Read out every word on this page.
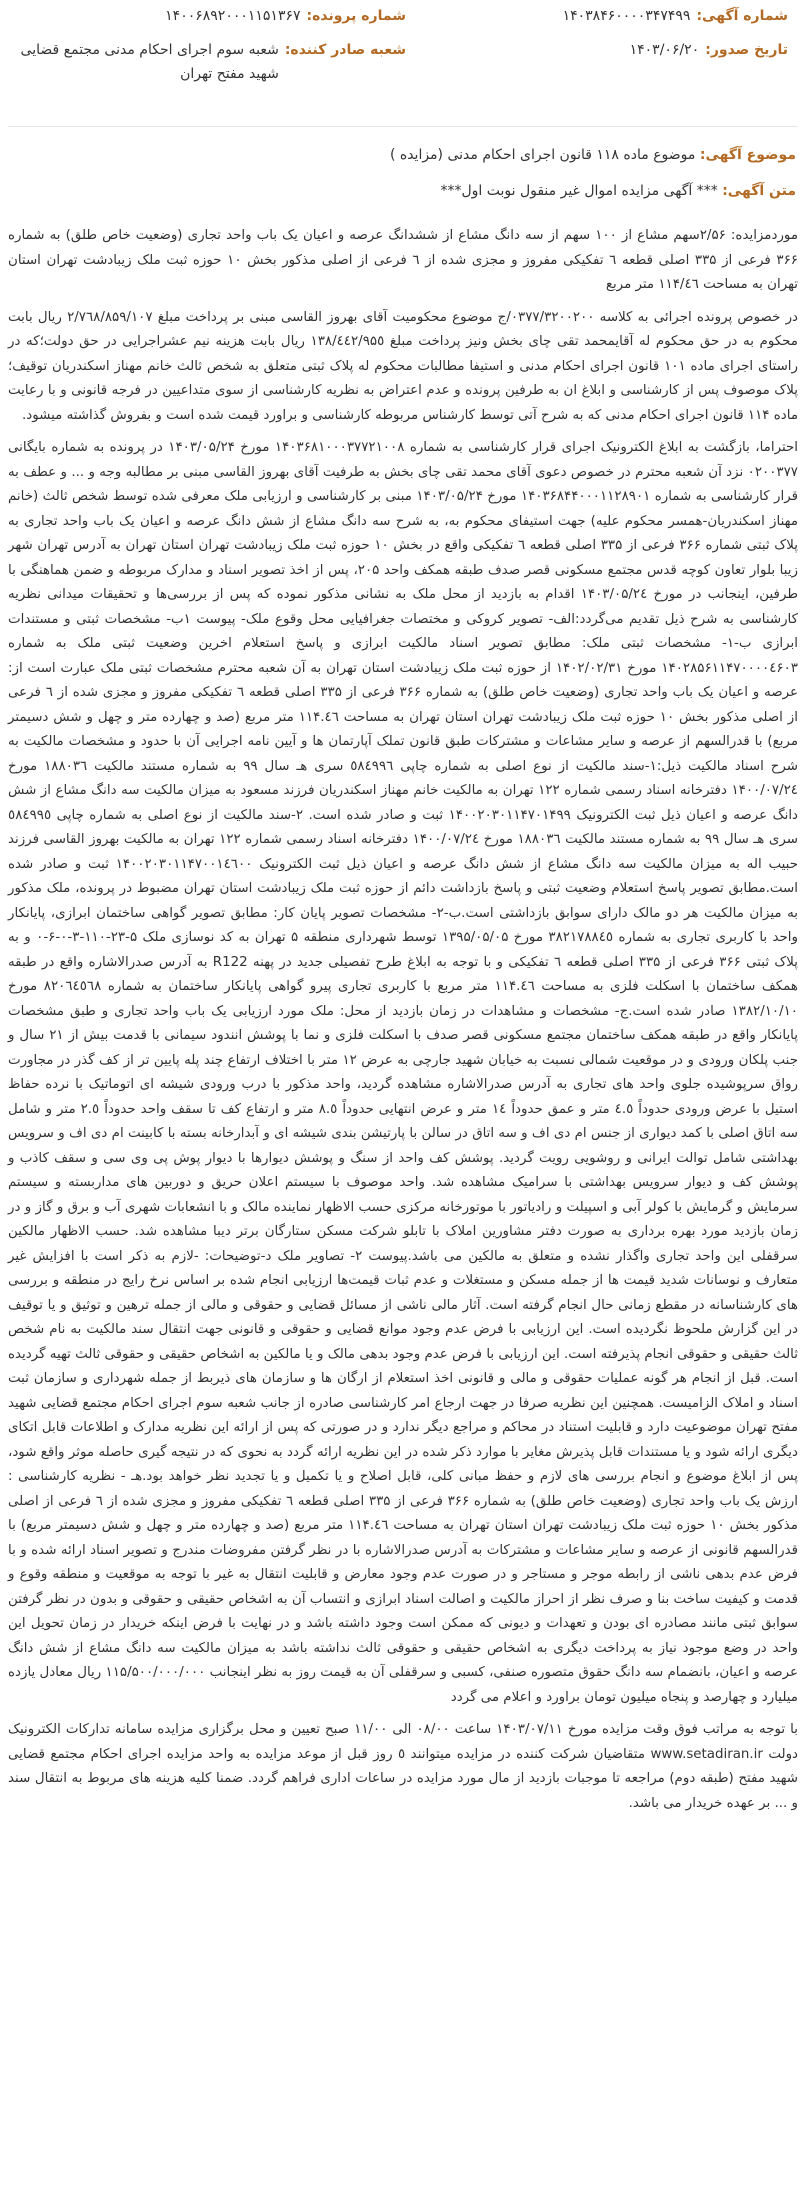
شماره آگهی:
۱۴۰۳۸۴۶۰۰۰۰۳۴۷۴۹۹
شماره پرونده:
۱۴۰۰۶۸۹۲۰۰۰۱۱۵۱۳۶۷
تاریخ صدور:
۱۴۰۳/۰۶/۲۰
شعبه صادر کننده:
شعبه سوم اجرای احکام مدنی مجتمع قضایی شهید مفتح تهران
موضوع آگهی: موضوع ماده ۱۱۸ قانون اجرای احکام مدنی (مزایده )
متن آگهی: *** آگهی مزایده اموال غیر منقول نوبت اول***

موردمزایده: ۲/۵۶سهم مشاع از ۱۰۰ سهم از سه دانگ مشاع از ششدانگ عرصه و اعیان یک باب واحد تجاری (وضعیت خاص طلق) به شماره ۳۶۶ فرعی از ۳۳۵ اصلی قطعه ٦ تفکیکی مفروز و مجزی شده از ٦ فرعی از اصلی مذکور بخش ۱۰ حوزه ثبت ملک زیبادشت تهران استان تهران به مساحت ۱۱۴/٤٦ متر مربع

در خصوص پرونده اجرائی به کلاسه ۰۳۷۷/۳۲۰۰۲۰۰/ج موضوع محکومیت آقای بهروز القاسی مبنی بر پرداخت مبلغ ۲/۷٦۸/۸۵۹/۱۰۷ ریال بابت محکوم به در حق محکوم له آقایمحمد تقی چای بخش ونیز پرداخت مبلغ ۱۳۸/٤٤۲/۹۵٥ ریال بابت هزینه نیم عشراجرایی در حق دولت؛که در راستای اجرای ماده ۱۰۱ قانون اجرای احکام مدنی و استیفا مطالبات محکوم له پلاک ثبتی متعلق به شخص ثالث خانم مهناز اسکندریان توقیف؛ پلاک موصوف پس از کارشناسی و ابلاغ ان به طرفین پرونده و عدم اعتراض به نظریه کارشناسی از سوی متداعیین در فرجه قانونی و با رعایت ماده ۱۱۴ قانون اجرای احکام مدنی که به شرح آتی توسط کارشناس مربوطه کارشناسی و براورد قیمت شده است و بفروش گذاشته میشود.

احتراما، بازگشت به ابلاغ الکترونیک اجرای قرار کارشناسی به شماره ۱۴۰۳۶۸۱۰۰۰۳۷۷۲۱۰۰۸ مورخ ۱۴۰۳/۰۵/۲۴ در پرونده به شماره بایگانی ۰۲۰۰۳۷۷ نزد آن شعبه محترم در خصوص دعوی آقای محمد تقی چای بخش به طرفیت آقای بهروز القاسی مبنی بر مطالبه وجه و ... و عطف به قرار کارشناسی به شماره ۱۴۰۳۶۸۴۴۰۰۰۱۱۲۸۹۰۱ مورخ ۱۴۰۳/۰۵/۲۴ مبنی بر کارشناسی و ارزیابی ملک معرفی شده توسط شخص ثالث (خانم مهناز اسکندریان-همسر محکوم علیه) جهت استیفای محکوم به، به شرح سه دانگ مشاع از شش دانگ عرصه و اعیان یک باب واحد تجاری به پلاک ثبتی شماره ۳۶۶ فرعی از ۳۳۵ اصلی قطعه ٦ تفکیکی واقع در بخش ۱۰ حوزه ثبت ملک زیبادشت تهران استان تهران به آدرس تهران شهر زیبا بلوار تعاون کوچه قدس مجتمع مسکونی قصر صدف طبقه همکف واحد ۲۰۵، پس از اخذ تصویر اسناد و مدارک مربوطه و ضمن هماهنگی با طرفین، اینجانب در مورخ ۱۴۰۳/۰۵/٢٤ اقدام به بازدید از محل ملک به نشانی مذکور نموده که پس از بررسی‌ها و تحقیقات میدانی نظریه کارشناسی به شرح ذیل تقدیم می‌گردد:الف- تصویر کروکی و مختصات جغرافیایی محل وقوع ملک- پیوست ۱ب- مشخصات ثبتی و مستندات ابرازی ب-۱- مشخصات ثبتی ملک: مطابق تصویر اسناد مالکیت ابرازی و پاسخ استعلام اخرین وضعیت ثبتی ملک به شماره ۱۴۰۲۸۵۶۱۱۴۷۰۰۰۰٤۶۰۳ مورخ ۱۴۰۲/۰۲/۳۱ از حوزه ثبت ملک زیبادشت استان تهران به آن شعبه محترم مشخصات ثبتی ملک عبارت است از: عرصه و اعیان یک باب واحد تجاری (وضعیت خاص طلق) به شماره ۳۶۶ فرعی از ۳۳۵ اصلی قطعه ٦ تفکیکی مفروز و مجزی شده از ٦ فرعی از اصلی مذکور بخش ۱۰ حوزه ثبت ملک زیبادشت تهران استان تهران به مساحت ۱۱۴.٤٦ متر مربع (صد و چهارده متر و چهل و شش دسیمتر مربع) با قدرالسهم از عرصه و سایر مشاعات و مشترکات طبق قانون تملک آپارتمان ها و آیین نامه اجرایی آن با حدود و مشخصات مالکیت به شرح اسناد مالکیت ذیل:۱-سند مالکیت از نوع اصلی به شماره چاپی ٥٨٤٩٩٦ سری هـ سال ۹۹ به شماره مستند مالکیت ۱۸۸۰۳٦ مورخ ۱۴۰۰/۰۷/٢٤ دفترخانه اسناد رسمی شماره ۱۲۲ تهران به مالکیت خانم مهناز اسکندریان فرزند مسعود به میزان مالکیت سه دانگ مشاع از شش دانگ عرصه و اعیان ذیل ثبت الکترونیک ۱۴۰۰۲۰۳۰۱۱۴۷۰۱۴۹۹ ثبت و صادر شده است. ۲-سند مالکیت از نوع اصلی به شماره چاپی ٥٨٤٩٩٥ سری هـ سال ۹۹ به شماره مستند مالکیت ۱۸۸۰۳٦ مورخ ۱۴۰۰/۰۷/٢٤ دفترخانه اسناد رسمی شماره ۱۲۲ تهران به مالکیت بهروز القاسی فرزند حبیب اله به میزان مالکیت سه دانگ مشاع از شش دانگ عرصه و اعیان ذیل ثبت الکترونیک ۱۴۰۰۲۰۳۰۱۱۴۷۰۰۱٤٦۰۰ ثبت و صادر شده است.مطابق تصویر پاسخ استعلام وضعیت ثبتی و پاسخ بازداشت دائم از حوزه ثبت ملک زیبادشت استان تهران مضبوط در پرونده، ملک مذکور به میزان مالکیت هر دو مالک دارای سوابق بازداشتی است.ب-۲- مشخصات تصویر پایان کار: مطابق تصویر گواهی ساختمان ابرازی، پایانکار واحد با کاربری تجاری به شماره ۳۸۲۱۷۸۸٤٥ مورخ ۱۳۹۵/۰۵/۰۵ توسط شهرداری منطقه ۵ تهران به کد نوسازی ملک ۵-۲۳-۱۱۰-۳-۰-۶-۰ و به پلاک ثبتی ۳۶۶ فرعی از ۳۳۵ اصلی قطعه ٦ تفکیکی و با توجه به ابلاغ طرح تفصیلی جدید در پهنه R122 به آدرس صدرالاشاره واقع در طبقه همکف ساختمان با اسکلت فلزی به مساحت ۱۱۴.٤٦ متر مربع با کاربری تجاری پیرو گواهی پایانکار ساختمان به شماره ۸۲۰٦٤٥٦٨ مورخ ۱۳۸۲/۱۰/۱۰ صادر شده است.ج- مشخصات و مشاهدات در زمان بازدید از محل: ملک مورد ارزیابی یک باب واحد تجاری و طبق مشخصات پایانکار واقع در طبقه همکف ساختمان مجتمع مسکونی قصر صدف با اسکلت فلزی و نما با پوشش انندود سیمانی با قدمت بیش از ٢١ سال و جنب پلکان ورودی و در موقعیت شمالی نسبت به خیابان شهید جارچی به عرض ١٢ متر با اختلاف ارتفاع چند پله پایین تر از کف گذر در مجاورت رواق سرپوشیده جلوی واحد های تجاری به آدرس صدرالاشاره مشاهده گردید، واحد مذکور با درب ورودی شیشه ای اتوماتیک با نرده حفاظ استیل با عرض ورودی حدوداً ٤.٥ متر و عمق حدوداً ١٤ متر و عرض انتهایی حدوداً ٨.٥ متر و ارتفاع کف تا سقف واحد حدوداً ٢.٥ متر و شامل سه اتاق اصلی با کمد دیواری از جنس ام دی اف و سه اتاق در سالن با پارتیشن بندی شیشه ای و آبدارخانه بسته با کابینت ام دی اف و سرویس بهداشتی شامل توالت ایرانی و روشویی رویت گردید. پوشش کف واحد از سنگ و پوشش دیوارها با دیوار پوش پی وی سی و سقف کاذب و پوشش کف و دیوار سرویس بهداشتی با سرامیک مشاهده شد. واحد موصوف با سیستم اعلان حریق و دوربین های مداربسته و سیستم سرمایش و گرمایش با کولر آبی و اسپیلت و رادیاتور با موتورخانه مرکزی حسب الاظهار نماینده مالک و با انشعابات شهری آب و برق و گاز و در زمان بازدید مورد بهره برداری به صورت دفتر مشاورین املاک با تابلو شرکت مسکن ستارگان برتر دیبا مشاهده شد. حسب الاظهار مالکین سرقفلی این واحد تجاری واگذار نشده و متعلق به مالکین می باشد.پیوست ۲- تصاویر ملک د-توضیحات: -لازم به ذکر است با افزایش غیر متعارف و نوسانات شدید قیمت ها از جمله مسکن و مستغلات و عدم ثبات قیمت‌ها ارزیابی انجام شده بر اساس نرخ رایج در منطقه و بررسی های کارشناسانه در مقطع زمانی حال انجام گرفته است. آثار مالی ناشی از مسائل قضایی و حقوقی و مالی از جمله ترهین و توثیق و یا توقیف در این گزارش ملحوظ نگردیده است. این ارزیابی با فرض عدم وجود موانع قضایی و حقوقی و قانونی جهت انتقال سند مالکیت به نام شخص ثالث حقیقی و حقوقی انجام پذیرفته است. این ارزیابی با فرض عدم وجود بدهی مالک و یا مالکین به اشخاص حقیقی و حقوقی ثالث تهیه گردیده است. قبل از انجام هر گونه عملیات حقوقی و مالی و قانونی اخذ استعلام از ارگان ها و سازمان های ذیربط از جمله شهرداری و سازمان ثبت اسناد و املاک الزامیست. همچنین این نظریه صرفا در جهت ارجاع امر کارشناسی صادره از جانب شعبه سوم اجرای احکام مجتمع قضایی شهید مفتح تهران موضوعیت دارد و قابلیت استناد در محاکم و مراجع دیگر ندارد و در صورتی که پس از ارائه این نظریه مدارک و اطلاعات قابل اتکای دیگری ارائه شود و یا مستندات قابل پذیرش مغایر با موارد ذکر شده در این نظریه ارائه گردد به نحوی که در نتیجه گیری حاصله موثر واقع شود، پس از ابلاغ موضوع و انجام بررسی های لازم و حفظ مبانی کلی، قابل اصلاح و یا تکمیل و یا تجدید نظر خواهد بود.هـ - نظریه کارشناسی : ارزش یک باب واحد تجاری (وضعیت خاص طلق) به شماره ۳۶۶ فرعی از ۳۳۵ اصلی قطعه ٦ تفکیکی مفروز و مجزی شده از ٦ فرعی از اصلی مذکور بخش ۱۰ حوزه ثبت ملک زیبادشت تهران استان تهران به مساحت ۱۱۴.٤٦ متر مربع (صد و چهارده متر و چهل و شش دسیمتر مربع) با قدرالسهم قانونی از عرصه و سایر مشاعات و مشترکات به آدرس صدرالاشاره با در نظر گرفتن مفروضات مندرج و تصویر اسناد ارائه شده و با فرض عدم بدهی ناشی از رابطه موجر و مستاجر و در صورت عدم وجود معارض و قابلیت انتقال به غیر با توجه به موقعیت و منطقه وقوع و قدمت و کیفیت ساخت بنا و صرف نظر از احراز مالکیت و اصالت اسناد ابرازی و انتساب آن به اشخاص حقیقی و حقوقی و بدون در نظر گرفتن سوابق ثبتی مانند مصادره ای بودن و تعهدات و دیونی که ممکن است وجود داشته باشد و در نهایت با فرض اینکه خریدار در زمان تحویل این واحد در وضع موجود نیاز به پرداخت دیگری به اشخاص حقیقی و حقوقی ثالث نداشته باشد به میزان مالکیت سه دانگ مشاع از شش دانگ عرصه و اعیان، بانضمام سه دانگ حقوق متصوره صنفی، کسبی و سرقفلی آن به قیمت روز به نظر اینجانب ۱۱۵/۵۰۰/۰۰۰/۰۰۰ ریال معادل یازده میلیارد و چهارصد و پنجاه میلیون تومان براورد و اعلام می گردد

با توجه به مراتب فوق وقت مزایده مورخ ۱۴۰۳/۰۷/۱۱ ساعت ۰۸/۰۰ الی ۱۱/۰۰ صبح تعیین و محل برگزاری مزایده سامانه تدارکات الکترونیک دولت www.setadiran.ir متقاضیان شرکت کننده در مزایده میتوانند ٥ روز قبل از موعد مزایده به واحد مزایده اجرای احکام مجتمع قضایی شهید مفتح (طبقه دوم) مراجعه تا موجبات بازدید از مال مورد مزایده در ساعات اداری فراهم گردد. ضمنا کلیه هزینه های مربوط به انتقال سند و ... بر عهده خریدار می باشد.
